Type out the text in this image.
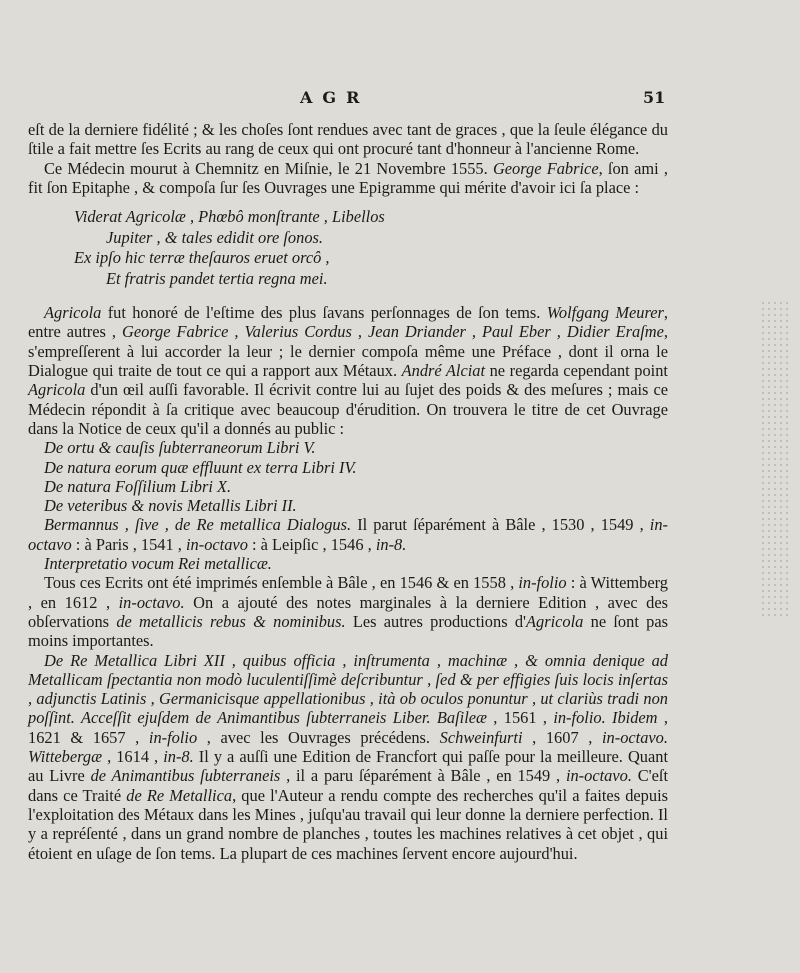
AGR	51

eſt de la derniere fidélité ; & les choſes ſont rendues avec tant de graces , que la ſeule élégance du ſtile a fait mettre ſes Ecrits au rang de ceux qui ont procuré tant d'honneur à l'ancienne Rome.

Ce Médecin mourut à Chemnitz en Miſnie, le 21 Novembre 1555. George Fabrice, ſon ami , fit ſon Epitaphe , & compoſa ſur ſes Ouvrages une Epigramme qui mérite d'avoir ici ſa place :

Viderat Agricolæ , Phœbô monſtrante , Libellos
Jupiter , & tales edidit ore ſonos.
Ex ipſo hic terræ theſauros eruet orcô ,
Et fratris pandet tertia regna mei.

Agricola fut honoré de l'eſtime des plus ſavans perſonnages de ſon tems. Wolfgang Meurer, entre autres , George Fabrice , Valerius Cordus , Jean Driander , Paul Eber , Didier Eraſme, s'empreſſerent à lui accorder la leur ; le dernier compoſa même une Préface , dont il orna le Dialogue qui traite de tout ce qui a rapport aux Métaux. André Alciat ne regarda cependant point Agricola d'un œil auſſi favorable. Il écrivit contre lui au ſujet des poids & des meſures ; mais ce Médecin répondit à ſa critique avec beaucoup d'érudition. On trouvera le titre de cet Ouvrage dans la Notice de ceux qu'il a donnés au public :

De ortu & cauſis ſubterraneorum Libri V.

De natura eorum quæ effluunt ex terra Libri IV.

De natura Foſſilium Libri X.

De veteribus & novis Metallis Libri II.

Bermannus , ſive , de Re metallica Dialogus. Il parut ſéparément à Bâle , 1530 , 1549 , in-octavo : à Paris , 1541 , in-octavo : à Leipſic , 1546 , in-8.

Interpretatio vocum Rei metallicæ.

Tous ces Ecrits ont été imprimés enſemble à Bâle , en 1546 & en 1558 , in-folio : à Wittemberg , en 1612 , in-octavo. On a ajouté des notes marginales à la derniere Edition , avec des obſervations de metallicis rebus & nominibus. Les autres productions d'Agricola ne ſont pas moins importantes.

De Re Metallica Libri XII , quibus officia , inſtrumenta , machinæ , & omnia denique ad Metallicam ſpectantia non modò luculentiſſimè deſcribuntur , ſed & per effigies ſuis locis inſertas , adjunctis Latinis , Germanicisque appellationibus , ità ob oculos ponuntur , ut clariùs tradi non poſſint. Acceſſit ejuſdem de Animantibus ſubterraneis Liber. Baſileæ , 1561 , in-folio. Ibidem , 1621 & 1657 , in-folio , avec les Ouvrages précédens. Schweinfurti , 1607 , in-octavo. Wittebergæ , 1614 , in-8. Il y a auſſi une Edition de Francfort qui paſſe pour la meilleure. Quant au Livre de Animantibus ſubterraneis , il a paru ſéparément à Bâle , en 1549 , in-octavo. C'eſt dans ce Traité de Re Metallica, que l'Auteur a rendu compte des recherches qu'il a faites depuis l'exploitation des Métaux dans les Mines , juſqu'au travail qui leur donne la derniere perfection. Il y a repréſenté , dans un grand nombre de planches , toutes les machines relatives à cet objet , qui étoient en uſage de ſon tems. La plupart de ces machines ſervent encore aujourd'hui.
